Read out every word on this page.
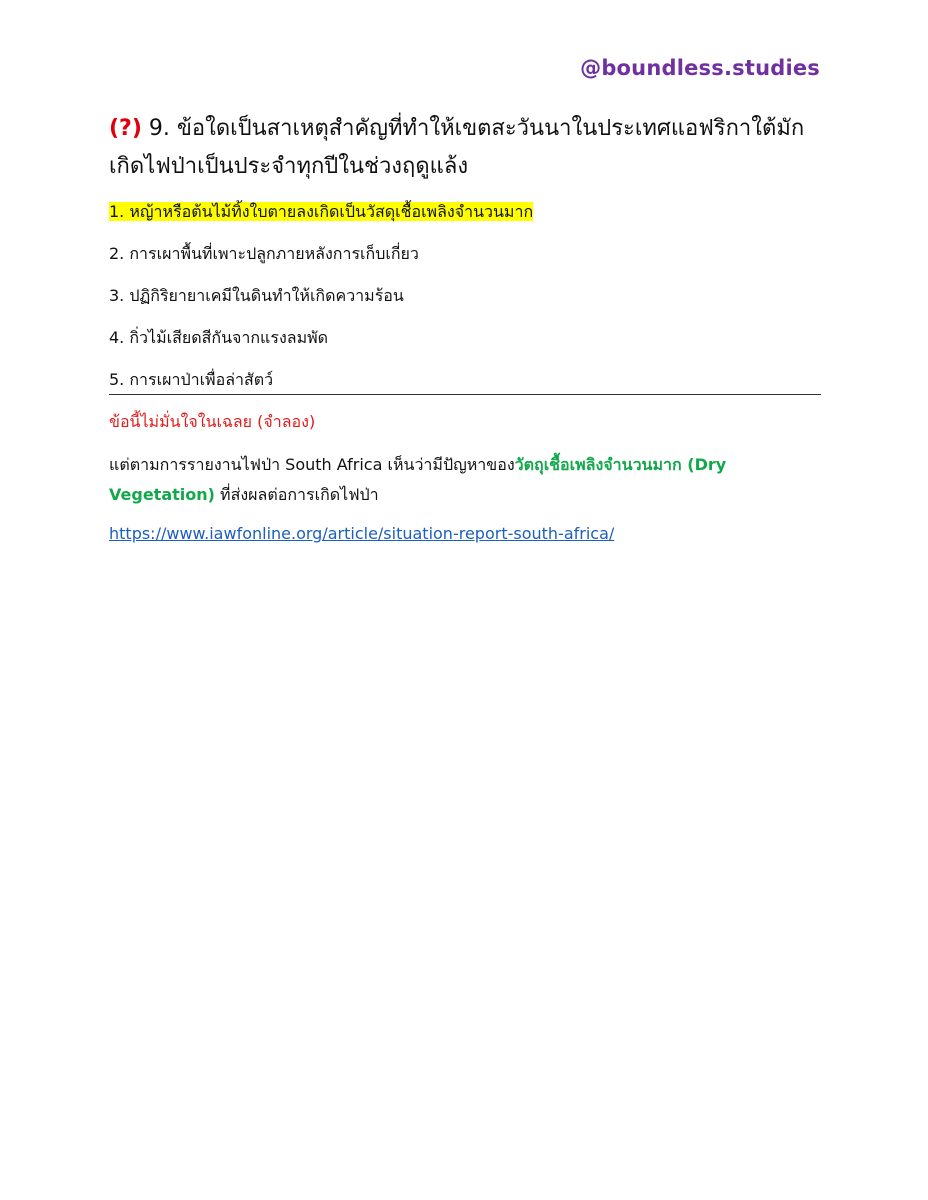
@boundless.studies
(?) 9. ข้อใดเป็นสาเหตุสำคัญที่ทำให้เขตสะวันนาในประเทศแอฟริกาใต้มักเกิดไฟป่าเป็นประจำทุกปีในช่วงฤดูแล้ง
1. หญ้าหรือต้นไม้ทิ้งใบตายลงเกิดเป็นวัสดุเชื้อเพลิงจำนวนมาก
2. การเผาพื้นที่เพาะปลูกภายหลังการเก็บเกี่ยว
3. ปฏิกิริยายาเคมีในดินทำให้เกิดความร้อน
4. กิ่วไม้เสียดสีกันจากแรงลมพัด
5. การเผาป่าเพื่อล่าสัตว์
ข้อนี้ไม่มั่นใจในเฉลย (จำลอง)
แต่ตามการรายงานไฟป่า South Africa เห็นว่ามีปัญหาของวัตถุเชื้อเพลิงจำนวนมาก (Dry Vegetation) ที่ส่งผลต่อการเกิดไฟป่า
https://www.iawfonline.org/article/situation-report-south-africa/
